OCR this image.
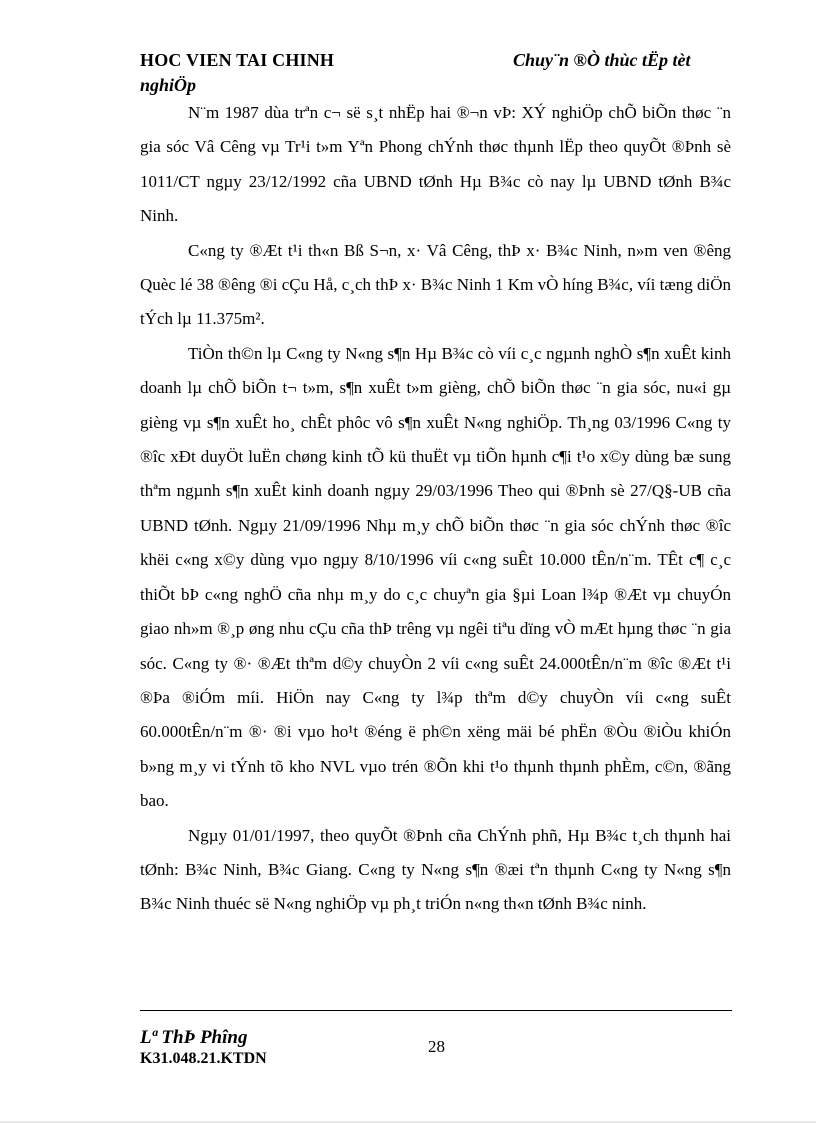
HOC VIEN TAI CHINH	Chuy¨n ®Ò thùc tËp tèt
nghiÖp

N¨m 1987 dùa trªn c¬ së s¸t nhËp hai ®¬n vÞ: XÝ nghiÖp chÕ biÕn thøc ¨n gia sóc Vâ Cêng vµ Tr¹i t»m Yªn Phong chÝnh thøc thµnh lËp theo quyÕt ®Þnh sè 1011/CT ngµy 23/12/1992 cña UBND tØnh Hµ B¾c cò nay lµ UBND tØnh B¾c Ninh.

C«ng ty ®Æt t¹i th«n Bß S¬n, x· Vâ Cêng, thÞ x· B¾c Ninh, n»m ven ®êng Quèc lé 38 ®êng ®i cÇu Hå, c¸ch thÞ x· B¾c Ninh 1 Km vÒ híng B¾c, víi tæng diÖn tÝch lµ 11.375m².

TiÒn th©n lµ C«ng ty N«ng s¶n Hµ B¾c cò víi c¸c ngµnh nghÒ s¶n xuÊt kinh doanh lµ chÕ biÕn t¬ t»m, s¶n xuÊt t»m gièng, chÕ biÕn thøc ¨n gia sóc, nu«i gµ gièng vµ s¶n xuÊt ho¸ chÊt phôc vô s¶n xuÊt N«ng nghiÖp. Th¸ng 03/1996 C«ng ty ®îc xÐt duyÖt luËn chøng kinh tÕ kü thuËt vµ tiÕn hµnh c¶i t¹o x©y dùng bæ sung thªm ngµnh s¶n xuÊt kinh doanh ngµy 29/03/1996 Theo qui ®Þnh sè 27/Q§-UB cña UBND tØnh. Ngµy 21/09/1996 Nhµ m¸y chÕ biÕn thøc ¨n gia sóc chÝnh thøc ®îc khëi c«ng x©y dùng vµo ngµy 8/10/1996 víi c«ng suÊt 10.000 tÊn/n¨m. TÊt c¶ c¸c thiÕt bÞ c«ng nghÖ cña nhµ m¸y do c¸c chuyªn gia §µi Loan l¾p ®Æt vµ chuyÓn giao nh»m ®¸p øng nhu cÇu cña thÞ trêng vµ ngêi tiªu dïng vÒ mÆt hµng thøc ¨n gia sóc. C«ng ty ®· ®Æt thªm d©y chuyÒn 2 víi c«ng suÊt 24.000tÊn/n¨m ®îc ®Æt t¹i ®Þa ®iÓm míi. HiÖn nay C«ng ty l¾p thªm d©y chuyÒn víi c«ng suÊt 60.000tÊn/n¨m ®· ®i vµo ho¹t ®éng ë ph©n xëng mäi bé phËn ®Òu ®iÒu khiÓn b»ng m¸y vi tÝnh tõ kho NVL vµo trén ®Õn khi t¹o thµnh thµnh phÈm, c©n, ®ãng bao.

Ngµy 01/01/1997, theo quyÕt ®Þnh cña ChÝnh phñ, Hµ B¾c t¸ch thµnh hai tØnh: B¾c Ninh, B¾c Giang. C«ng ty N«ng s¶n ®æi tªn thµnh C«ng ty N«ng s¶n B¾c Ninh thuéc së N«ng nghiÖp vµ ph¸t triÓn n«ng th«n tØnh B¾c ninh.

Lª ThÞ Phîng
K31.048.21.KTDN
28
